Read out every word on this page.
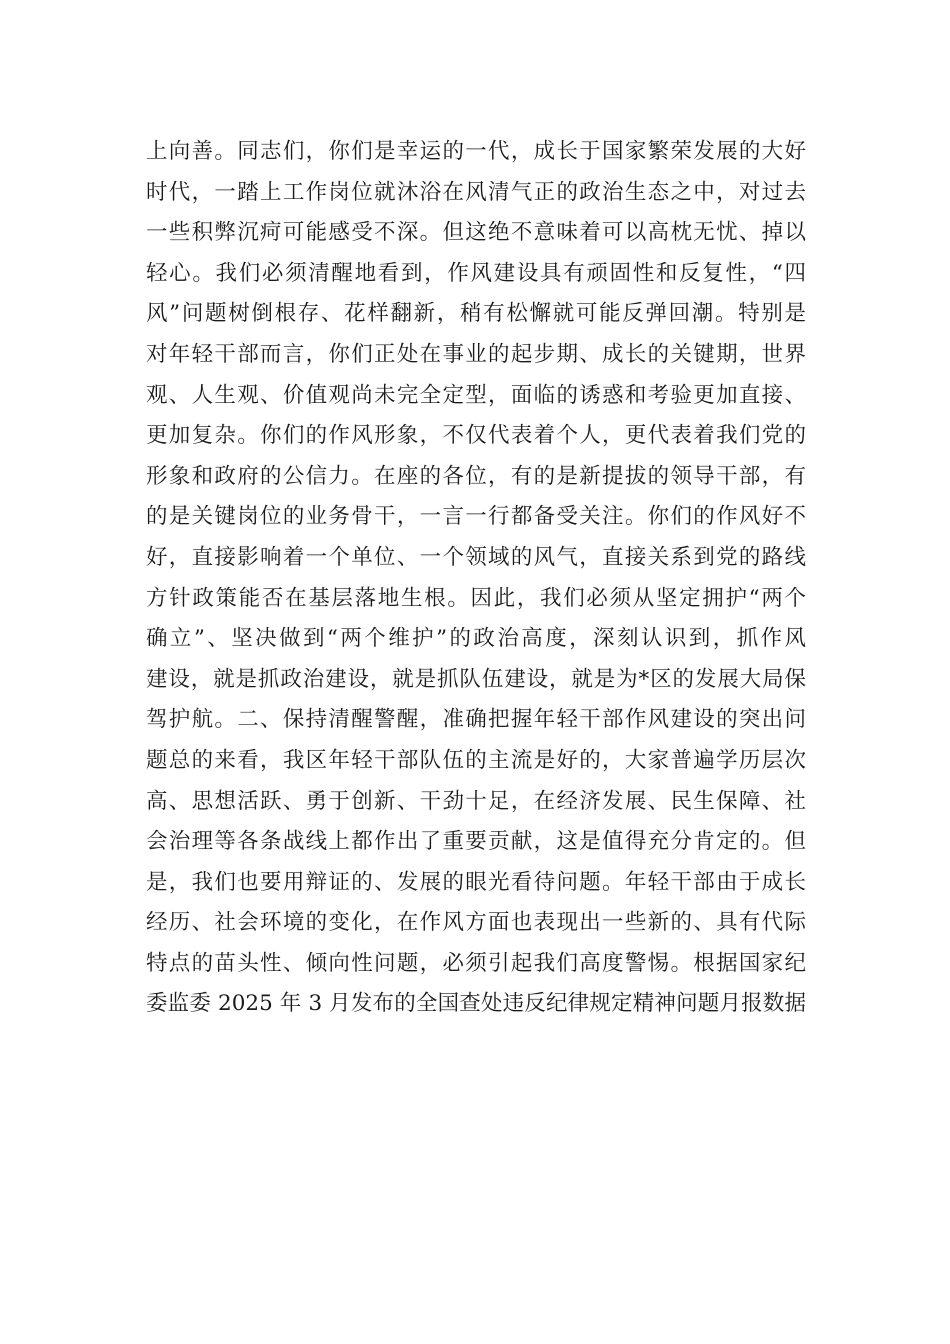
上向善。同志们，你们是幸运的一代，成长于国家繁荣发展的大好
时代，一踏上工作岗位就沐浴在风清气正的政治生态之中，对过去
一些积弊沉疴可能感受不深。但这绝不意味着可以高枕无忧、掉以
轻心。我们必须清醒地看到，作风建设具有顽固性和反复性，“四
风”问题树倒根存、花样翻新，稍有松懈就可能反弹回潮。特别是
对年轻干部而言，你们正处在事业的起步期、成长的关键期，世界
观、人生观、价值观尚未完全定型，面临的诱惑和考验更加直接、
更加复杂。你们的作风形象，不仅代表着个人，更代表着我们党的
形象和政府的公信力。在座的各位，有的是新提拔的领导干部，有
的是关键岗位的业务骨干，一言一行都备受关注。你们的作风好不
好，直接影响着一个单位、一个领域的风气，直接关系到党的路线
方针政策能否在基层落地生根。因此，我们必须从坚定拥护“两个
确立”、坚决做到“两个维护”的政治高度，深刻认识到，抓作风
建设，就是抓政治建设，就是抓队伍建设，就是为*区的发展大局保
驾护航。二、保持清醒警醒，准确把握年轻干部作风建设的突出问
题总的来看，我区年轻干部队伍的主流是好的，大家普遍学历层次
高、思想活跃、勇于创新、干劲十足，在经济发展、民生保障、社
会治理等各条战线上都作出了重要贡献，这是值得充分肯定的。但
是，我们也要用辩证的、发展的眼光看待问题。年轻干部由于成长
经历、社会环境的变化，在作风方面也表现出一些新的、具有代际
特点的苗头性、倾向性问题，必须引起我们高度警惕。根据国家纪
委监委 2025 年 3 月发布的全国查处违反纪律规定精神问题月报数据
